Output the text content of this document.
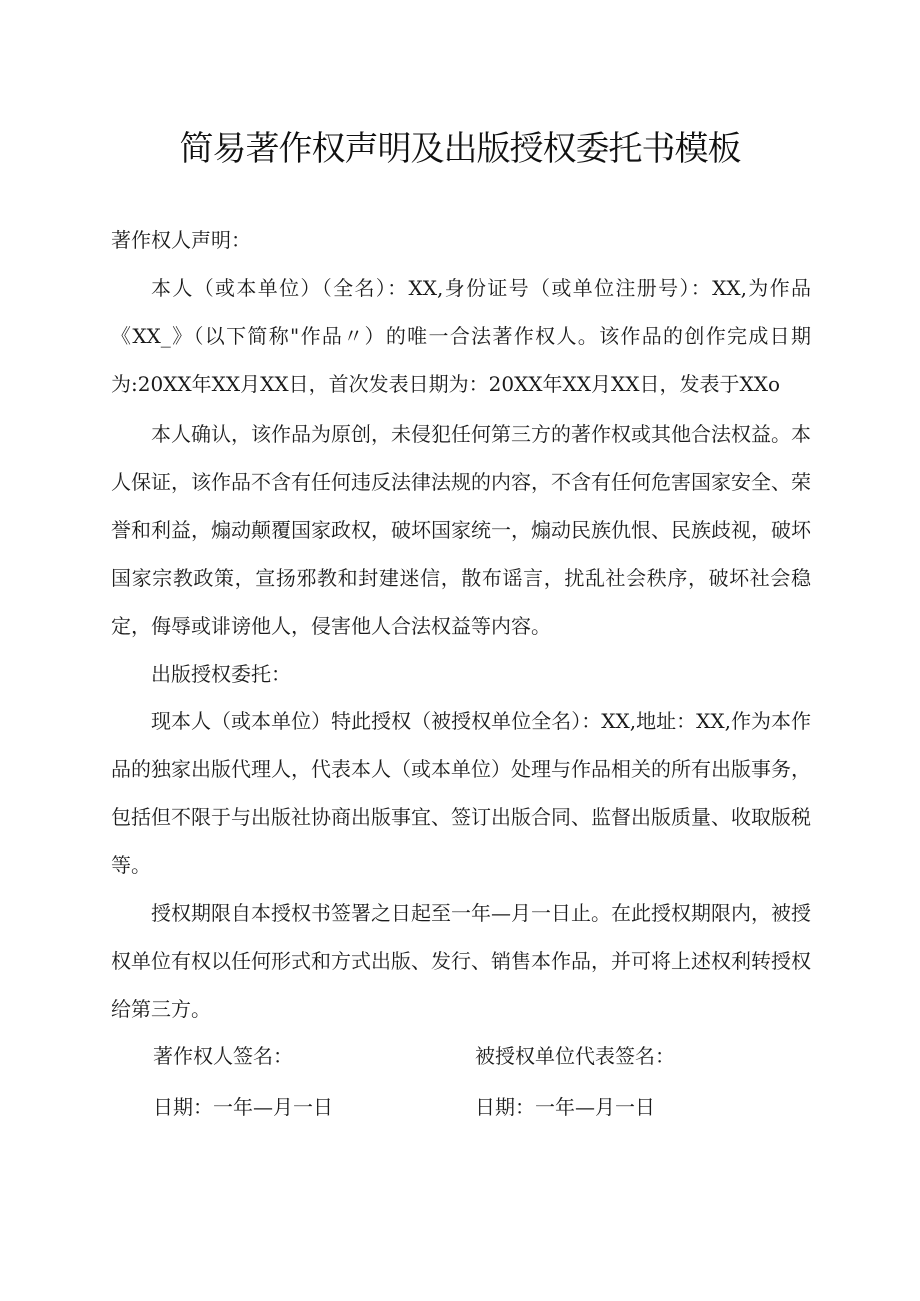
简易著作权声明及出版授权委托书模板
著作权人声明：
本人（或本单位）（全名）：XX,身份证号（或单位注册号）：XX,为作品《XX_》（以下简称"作品〃）的唯一合法著作权人。该作品的创作完成日期为:20XX年XX月XX日，首次发表日期为：20XX年XX月XX日，发表于XXo
本人确认，该作品为原创，未侵犯任何第三方的著作权或其他合法权益。本人保证，该作品不含有任何违反法律法规的内容，不含有任何危害国家安全、荣誉和利益，煽动颠覆国家政权，破坏国家统一，煽动民族仇恨、民族歧视，破坏国家宗教政策，宣扬邪教和封建迷信，散布谣言，扰乱社会秩序，破坏社会稳定，侮辱或诽谤他人，侵害他人合法权益等内容。
出版授权委托：
现本人（或本单位）特此授权（被授权单位全名）：XX,地址：XX,作为本作品的独家出版代理人，代表本人（或本单位）处理与作品相关的所有出版事务，包括但不限于与出版社协商出版事宜、签订出版合同、监督出版质量、收取版税等。
授权期限自本授权书签署之日起至一年—月一日止。在此授权期限内，被授权单位有权以任何形式和方式出版、发行、销售本作品，并可将上述权利转授权给第三方。
著作权人签名：	被授权单位代表签名：
日期：一年—月一日	日期：一年—月一日
